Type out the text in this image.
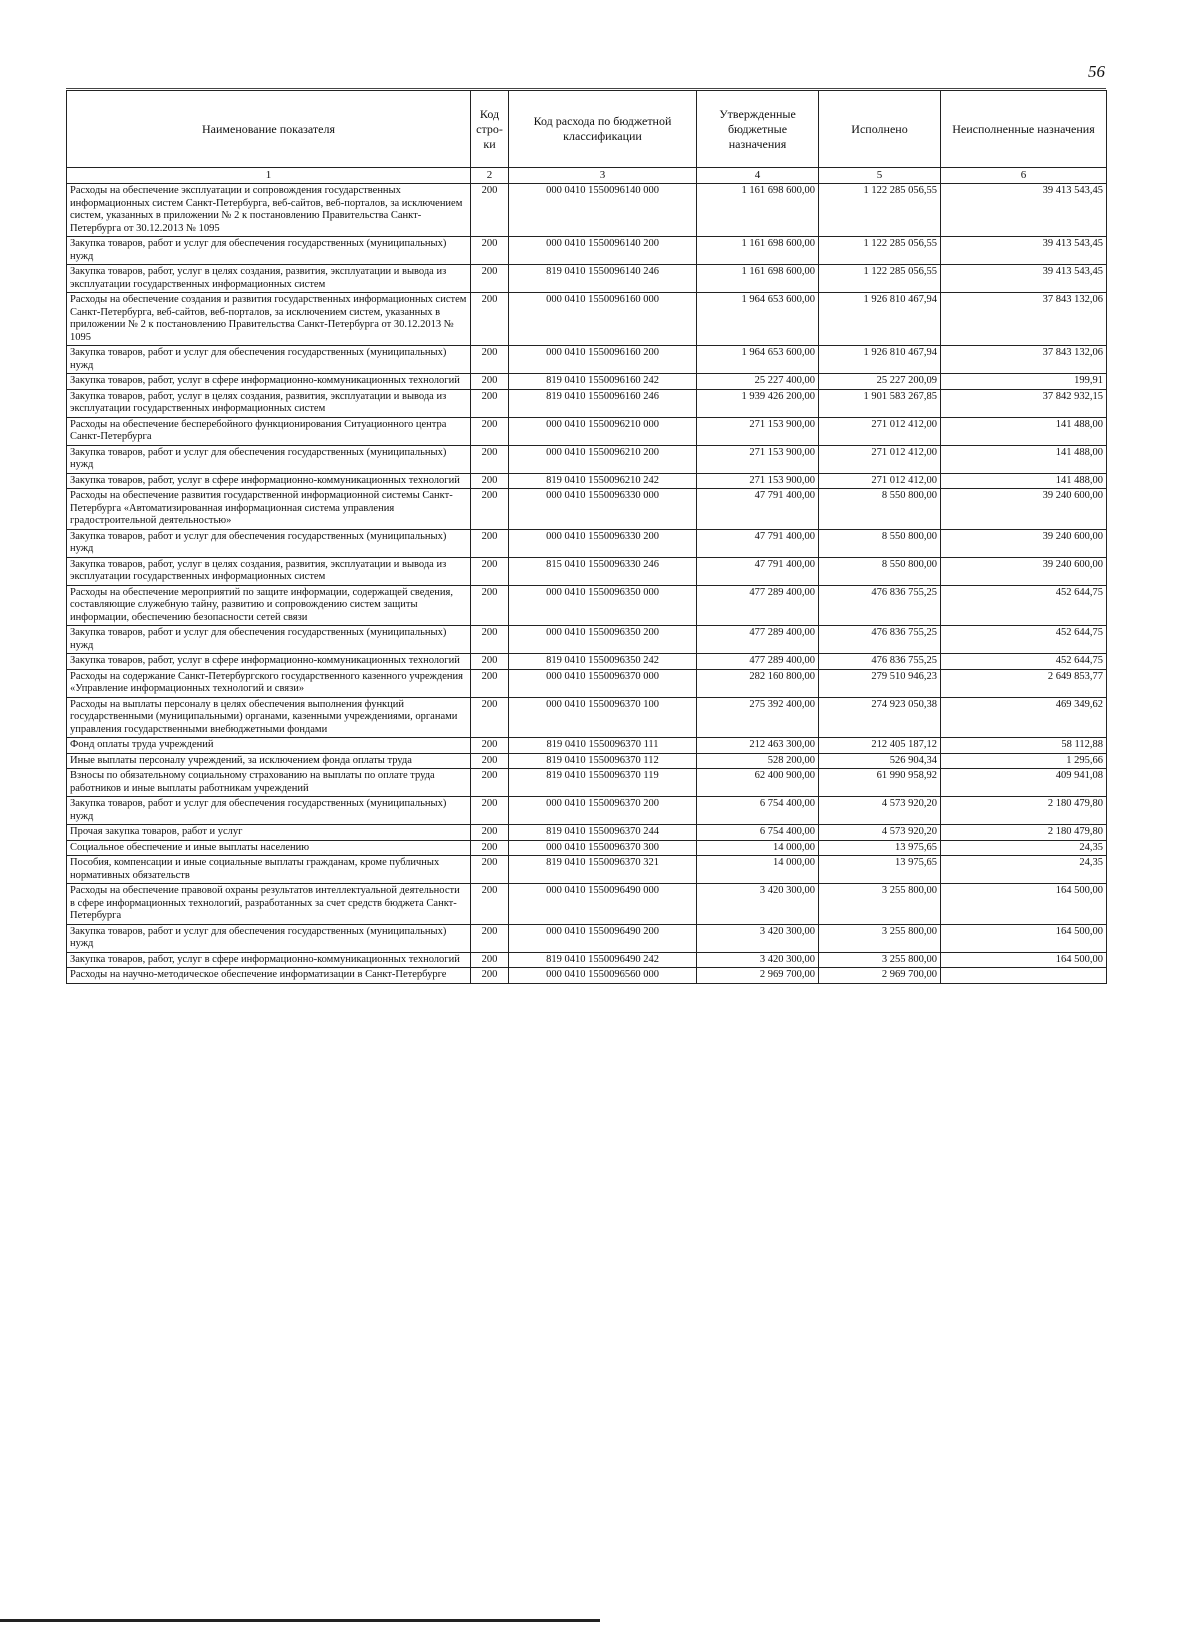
56
Наименование показателя	Код стро- ки	Код расхода по бюджетной классификации	Утвержденные бюджетные назначения	Исполнено	Неисполненные назначения
1	2	3	4	5	6
Расходы на обеспечение эксплуатации и сопровождения государственных информационных систем Санкт-Петербурга, веб-сайтов, веб-порталов, за исключением систем, указанных в приложении № 2 к постановлению Правительства Санкт-Петербурга от 30.12.2013 № 1095	200	000 0410 1550096140 000	1 161 698 600,00	1 122 285 056,55	39 413 543,45
Закупка товаров, работ и услуг для обеспечения государственных (муниципальных) нужд	200	000 0410 1550096140 200	1 161 698 600,00	1 122 285 056,55	39 413 543,45
Закупка товаров, работ, услуг в целях создания, развития, эксплуатации и вывода из эксплуатации государственных информационных систем	200	819 0410 1550096140 246	1 161 698 600,00	1 122 285 056,55	39 413 543,45
Расходы на обеспечение создания и развития государственных информационных систем Санкт-Петербурга, веб-сайтов, веб-порталов, за исключением систем, указанных в приложении № 2 к постановлению Правительства Санкт-Петербурга от 30.12.2013 № 1095	200	000 0410 1550096160 000	1 964 653 600,00	1 926 810 467,94	37 843 132,06
Закупка товаров, работ и услуг для обеспечения государственных (муниципальных) нужд	200	000 0410 1550096160 200	1 964 653 600,00	1 926 810 467,94	37 843 132,06
Закупка товаров, работ, услуг в сфере информационно-коммуникационных технологий	200	819 0410 1550096160 242	25 227 400,00	25 227 200,09	199,91
Закупка товаров, работ, услуг в целях создания, развития, эксплуатации и вывода из эксплуатации государственных информационных систем	200	819 0410 1550096160 246	1 939 426 200,00	1 901 583 267,85	37 842 932,15
Расходы на обеспечение бесперебойного функционирования Ситуационного центра Санкт-Петербурга	200	000 0410 1550096210 000	271 153 900,00	271 012 412,00	141 488,00
Закупка товаров, работ и услуг для обеспечения государственных (муниципальных) нужд	200	000 0410 1550096210 200	271 153 900,00	271 012 412,00	141 488,00
Закупка товаров, работ, услуг в сфере информационно-коммуникационных технологий	200	819 0410 1550096210 242	271 153 900,00	271 012 412,00	141 488,00
Расходы на обеспечение развития государственной информационной системы Санкт-Петербурга «Автоматизированная информационная система управления градостроительной деятельностью»	200	000 0410 1550096330 000	47 791 400,00	8 550 800,00	39 240 600,00
Закупка товаров, работ и услуг для обеспечения государственных (муниципальных) нужд	200	000 0410 1550096330 200	47 791 400,00	8 550 800,00	39 240 600,00
Закупка товаров, работ, услуг в целях создания, развития, эксплуатации и вывода из эксплуатации государственных информационных систем	200	815 0410 1550096330 246	47 791 400,00	8 550 800,00	39 240 600,00
Расходы на обеспечение мероприятий по защите информации, содержащей сведения, составляющие служебную тайну, развитию и сопровождению систем защиты информации, обеспечению безопасности сетей связи	200	000 0410 1550096350 000	477 289 400,00	476 836 755,25	452 644,75
Закупка товаров, работ и услуг для обеспечения государственных (муниципальных) нужд	200	000 0410 1550096350 200	477 289 400,00	476 836 755,25	452 644,75
Закупка товаров, работ, услуг в сфере информационно-коммуникационных технологий	200	819 0410 1550096350 242	477 289 400,00	476 836 755,25	452 644,75
Расходы на содержание Санкт-Петербургского государственного казенного учреждения «Управление информационных технологий и связи»	200	000 0410 1550096370 000	282 160 800,00	279 510 946,23	2 649 853,77
Расходы на выплаты персоналу в целях обеспечения выполнения функций государственными (муниципальными) органами, казенными учреждениями, органами управления государственными внебюджетными фондами	200	000 0410 1550096370 100	275 392 400,00	274 923 050,38	469 349,62
Фонд оплаты труда учреждений	200	819 0410 1550096370 111	212 463 300,00	212 405 187,12	58 112,88
Иные выплаты персоналу учреждений, за исключением фонда оплаты труда	200	819 0410 1550096370 112	528 200,00	526 904,34	1 295,66
Взносы по обязательному социальному страхованию на выплаты по оплате труда работников и иные выплаты работникам учреждений	200	819 0410 1550096370 119	62 400 900,00	61 990 958,92	409 941,08
Закупка товаров, работ и услуг для обеспечения государственных (муниципальных) нужд	200	000 0410 1550096370 200	6 754 400,00	4 573 920,20	2 180 479,80
Прочая закупка товаров, работ и услуг	200	819 0410 1550096370 244	6 754 400,00	4 573 920,20	2 180 479,80
Социальное обеспечение и иные выплаты населению	200	000 0410 1550096370 300	14 000,00	13 975,65	24,35
Пособия, компенсации и иные социальные выплаты гражданам, кроме публичных нормативных обязательств	200	819 0410 1550096370 321	14 000,00	13 975,65	24,35
Расходы на обеспечение правовой охраны результатов интеллектуальной деятельности в сфере информационных технологий, разработанных за счет средств бюджета Санкт-Петербурга	200	000 0410 1550096490 000	3 420 300,00	3 255 800,00	164 500,00
Закупка товаров, работ и услуг для обеспечения государственных (муниципальных) нужд	200	000 0410 1550096490 200	3 420 300,00	3 255 800,00	164 500,00
Закупка товаров, работ, услуг в сфере информационно-коммуникационных технологий	200	819 0410 1550096490 242	3 420 300,00	3 255 800,00	164 500,00
Расходы на научно-методическое обеспечение информатизации в Санкт-Петербурге	200	000 0410 1550096560 000	2 969 700,00	2 969 700,00	
